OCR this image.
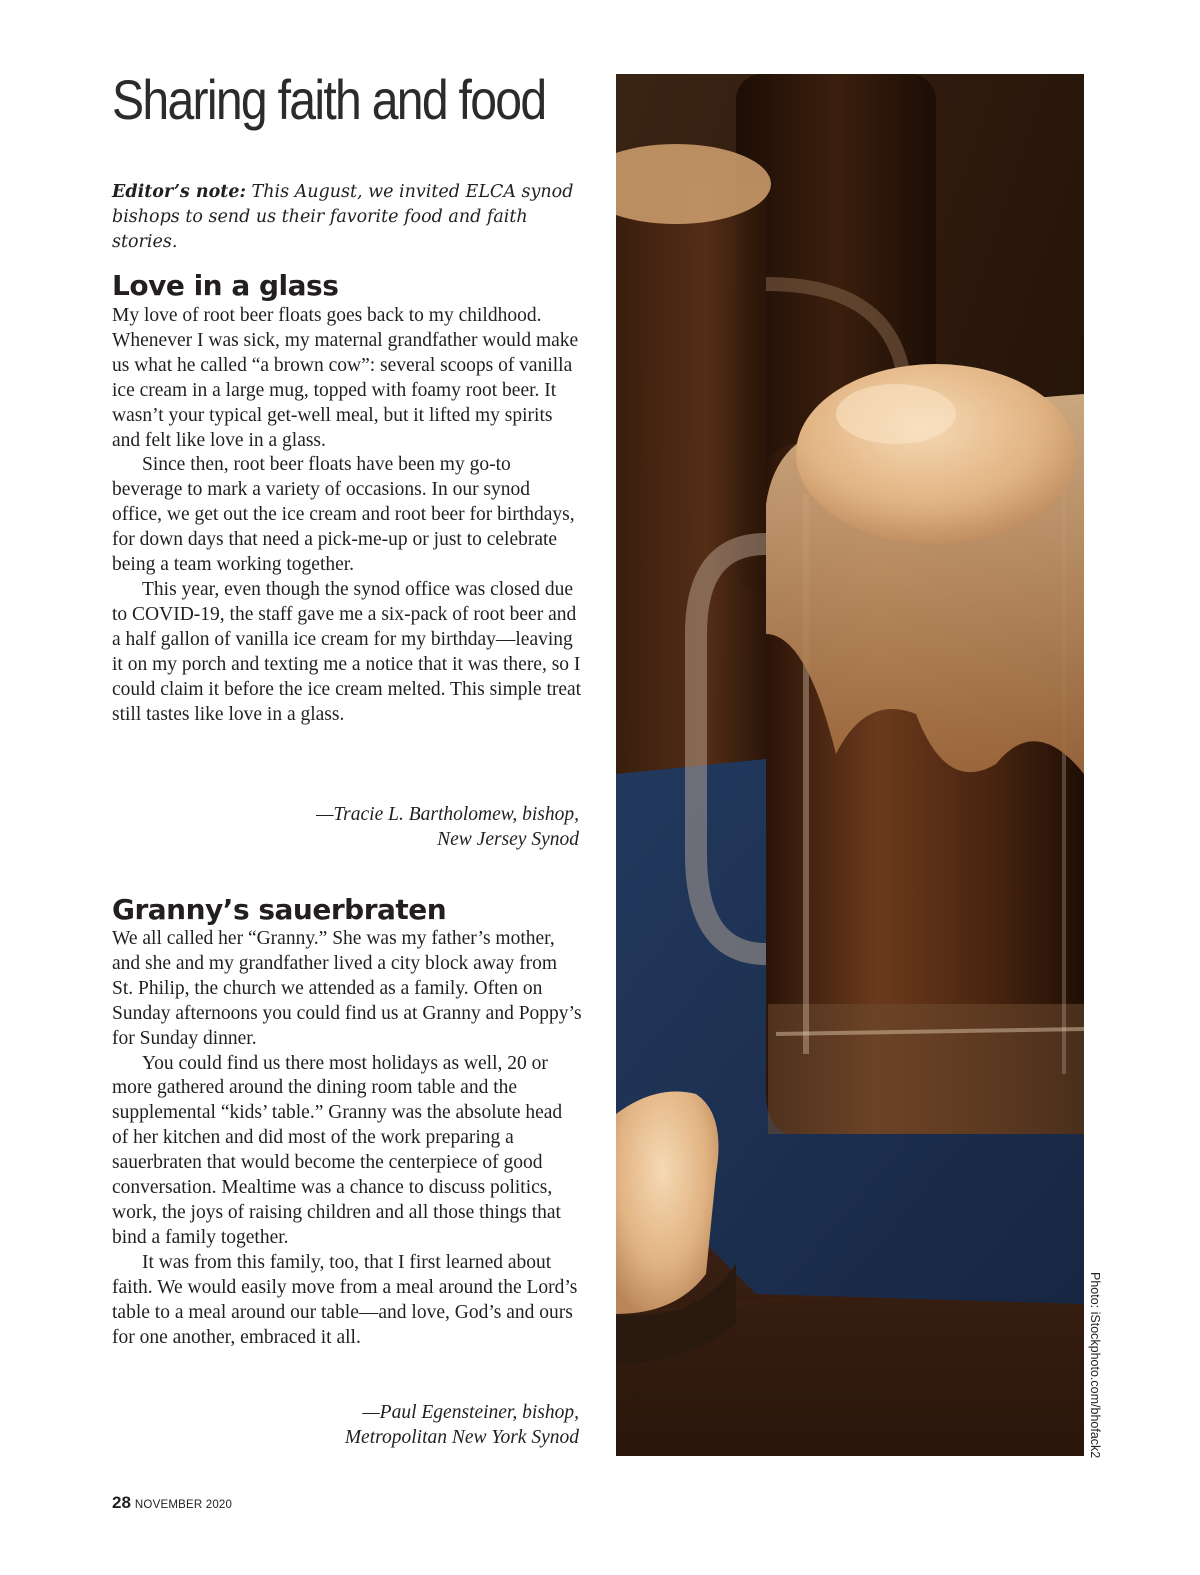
Sharing faith and food
Editor’s note: This August, we invited ELCA synod bishops to send us their favorite food and faith stories.
Love in a glass

My love of root beer floats goes back to my childhood. Whenever I was sick, my maternal grandfather would make us what he called “a brown cow”: several scoops of vanilla ice cream in a large mug, topped with foamy root beer. It wasn’t your typical get-well meal, but it lifted my spirits and felt like love in a glass.

Since then, root beer floats have been my go-to beverage to mark a variety of occasions. In our synod office, we get out the ice cream and root beer for birthdays, for down days that need a pick-me-up or just to celebrate being a team working together.

This year, even though the synod office was closed due to COVID-19, the staff gave me a six-pack of root beer and a half gallon of vanilla ice cream for my birthday—leaving it on my porch and texting me a notice that it was there, so I could claim it before the ice cream melted. This simple treat still tastes like love in a glass.

—Tracie L. Bartholomew, bishop,
New Jersey Synod
Granny’s sauerbraten

We all called her “Granny.” She was my father’s mother, and she and my grandfather lived a city block away from St. Philip, the church we attended as a family. Often on Sunday afternoons you could find us at Granny and Poppy’s for Sunday dinner.

You could find us there most holidays as well, 20 or more gathered around the dining room table and the supplemental “kids’ table.” Granny was the absolute head of her kitchen and did most of the work preparing a sauerbraten that would become the centerpiece of good conversation. Mealtime was a chance to discuss politics, work, the joys of raising children and all those things that bind a family together.

It was from this family, too, that I first learned about faith. We would easily move from a meal around the Lord’s table to a meal around our table—and love, God’s and ours for one another, embraced it all.

—Paul Egensteiner, bishop,
Metropolitan New York Synod	Photo: iStockphoto.com/bhofack2
28 NOVEMBER 2020
